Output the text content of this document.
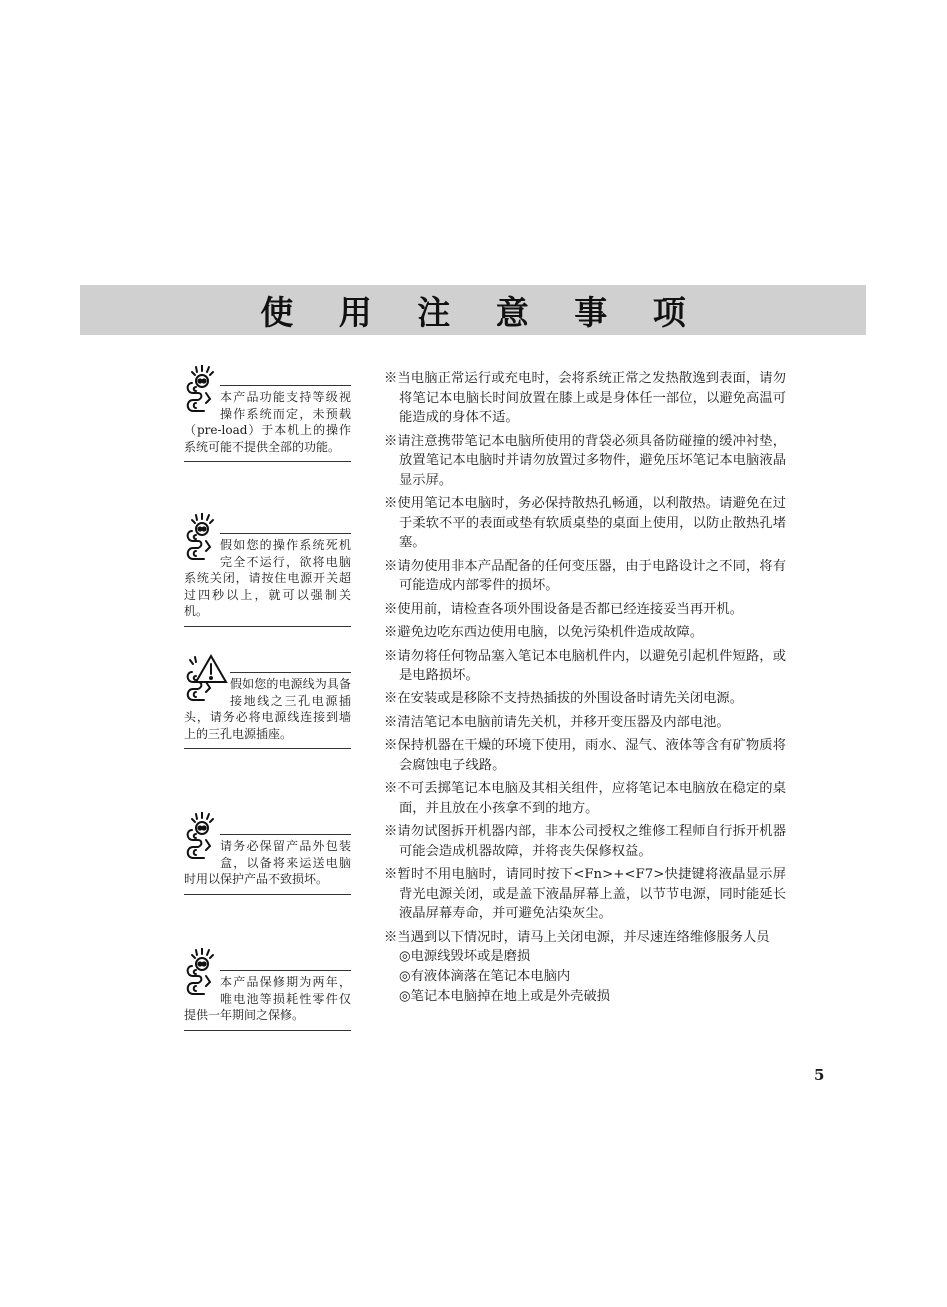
使 用 注 意 事 项
本产品功能支持等级视操作系统而定，未预载（pre-load）于本机上的操作系统可能不提供全部的功能。
假如您的操作系统死机完全不运行，欲将电脑系统关闭，请按住电源开关超过四秒以上，就可以强制关机。
假如您的电源线为具备接地线之三孔电源插头，请务必将电源线连接到墙上的三孔电源插座。
请务必保留产品外包装盒，以备将来运送电脑时用以保护产品不致损坏。
本产品保修期为两年，唯电池等损耗性零件仅提供一年期间之保修。
※当电脑正常运行或充电时，会将系统正常之发热散逸到表面，请勿将笔记本电脑长时间放置在膝上或是身体任一部位，以避免高温可能造成的身体不适。
※请注意携带笔记本电脑所使用的背袋必须具备防碰撞的缓冲衬垫，放置笔记本电脑时并请勿放置过多物件，避免压坏笔记本电脑液晶显示屏。
※使用笔记本电脑时，务必保持散热孔畅通，以利散热。请避免在过于柔软不平的表面或垫有软质桌垫的桌面上使用，以防止散热孔堵塞。
※请勿使用非本产品配备的任何变压器，由于电路设计之不同，将有可能造成内部零件的损坏。
※使用前，请检查各项外围设备是否都已经连接妥当再开机。
※避免边吃东西边使用电脑，以免污染机件造成故障。
※请勿将任何物品塞入笔记本电脑机件内，以避免引起机件短路，或是电路损坏。
※在安装或是移除不支持热插拔的外围设备时请先关闭电源。
※清洁笔记本电脑前请先关机，并移开变压器及内部电池。
※保持机器在干燥的环境下使用，雨水、湿气、液体等含有矿物质将会腐蚀电子线路。
※不可丢掷笔记本电脑及其相关组件，应将笔记本电脑放在稳定的桌面，并且放在小孩拿不到的地方。
※请勿试图拆开机器内部，非本公司授权之维修工程师自行拆开机器可能会造成机器故障，并将丧失保修权益。
※暂时不用电脑时，请同时按下<Fn>+<F7>快捷键将液晶显示屏背光电源关闭，或是盖下液晶屏幕上盖，以节节电源，同时能延长液晶屏幕寿命，并可避免沾染灰尘。
※当遇到以下情况时，请马上关闭电源，并尽速连络维修服务人员
◎电源线毁坏或是磨损
◎有液体滴落在笔记本电脑内
◎笔记本电脑掉在地上或是外壳破损
5
